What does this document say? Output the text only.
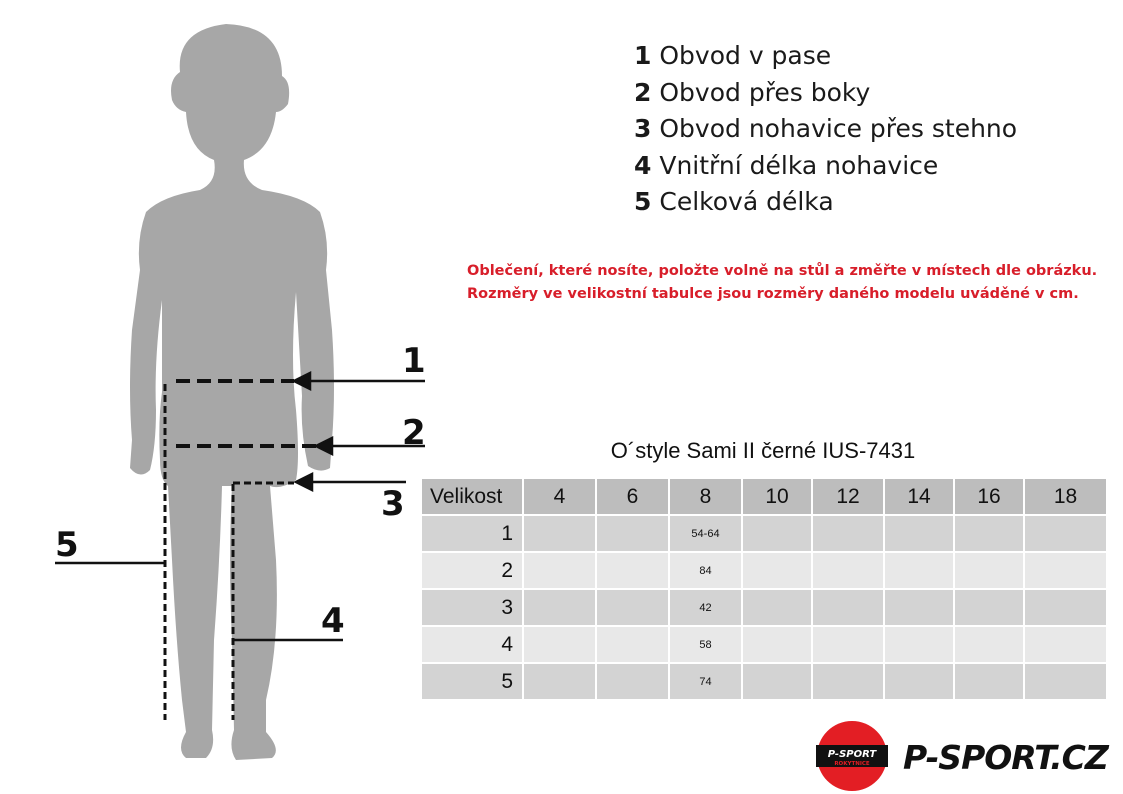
1
2
3
4
5
1 Obvod v pase
2 Obvod přes boky
3 Obvod nohavice přes stehno
4 Vnitřní délka nohavice
5 Celková délka
Oblečení, které nosíte, položte volně na stůl a změřte v místech dle obrázku.
Rozměry ve velikostní tabulce jsou rozměry daného modelu uváděné v cm.
O´style Sami II černé IUS-7431
Velikost	4	6	8	10	12	14	16	18
1			54-64					
2			84					
3			42					
4			58					
5			74					
P-SPORT
ROKYTNICE P-SPORT.CZ
